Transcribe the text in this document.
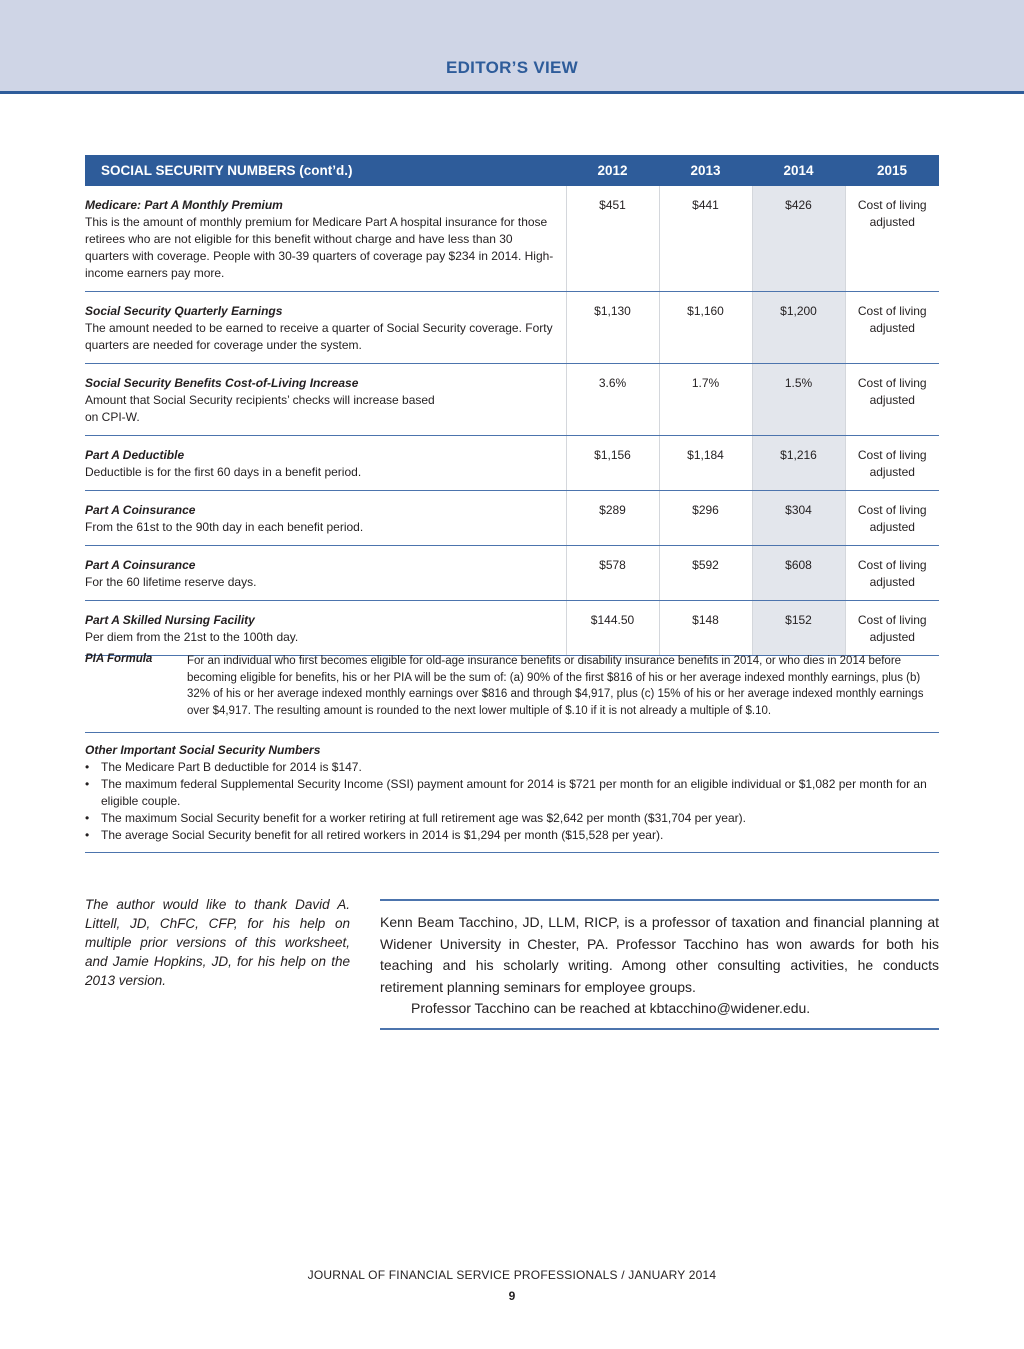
EDITOR’S VIEW
SOCIAL SECURITY NUMBERS (cont’d.)	2012	2013	2014	2015

Medicare: Part A Monthly Premium
This is the amount of monthly premium for Medicare Part A hospital insurance for those retirees who are not eligible for this benefit without charge and have less than 30 quarters with coverage. People with 30-39 quarters of coverage pay $234 in 2014. High-income earners pay more.	$451	$441	$426	Cost of living adjusted

Social Security Quarterly Earnings
The amount needed to be earned to receive a quarter of Social Security coverage. Forty quarters are needed for coverage under the system.	$1,130	$1,160	$1,200	Cost of living adjusted

Social Security Benefits Cost-of-Living Increase
Amount that Social Security recipients’ checks will increase based on CPI-W.	3.6%	1.7%	1.5%	Cost of living adjusted

Part A Deductible
Deductible is for the first 60 days in a benefit period.	$1,156	$1,184	$1,216	Cost of living adjusted

Part A Coinsurance
From the 61st to the 90th day in each benefit period.	$289	$296	$304	Cost of living adjusted

Part A Coinsurance
For the 60 lifetime reserve days.	$578	$592	$608	Cost of living adjusted

Part A Skilled Nursing Facility
Per diem from the 21st to the 100th day.	$144.50	$148	$152	Cost of living adjusted
PIA Formula	For an individual who first becomes eligible for old-age insurance benefits or disability insurance benefits in 2014, or who dies in 2014 before becoming eligible for benefits, his or her PIA will be the sum of: (a) 90% of the first $816 of his or her average indexed monthly earnings, plus (b) 32% of his or her average indexed monthly earnings over $816 and through $4,917, plus (c) 15% of his or her average indexed monthly earnings over $4,917. The resulting amount is rounded to the next lower multiple of $.10 if it is not already a multiple of $.10.
Other Important Social Security Numbers
• The Medicare Part B deductible for 2014 is $147.
• The maximum federal Supplemental Security Income (SSI) payment amount for 2014 is $721 per month for an eligible individual or $1,082 per month for an eligible couple.
• The maximum Social Security benefit for a worker retiring at full retirement age was $2,642 per month ($31,704 per year).
• The average Social Security benefit for all retired workers in 2014 is $1,294 per month ($15,528 per year).
The author would like to thank David A. Littell, JD, ChFC, CFP, for his help on multiple prior versions of this worksheet, and Jamie Hopkins, JD, for his help on the 2013 version.

Kenn Beam Tacchino, JD, LLM, RICP, is a professor of taxation and financial planning at Widener University in Chester, PA. Professor Tacchino has won awards for both his teaching and his scholarly writing. Among other consulting activities, he conducts retirement planning seminars for employee groups.

Professor Tacchino can be reached at kbtacchino@widener.edu.

JOURNAL OF FINANCIAL SERVICE PROFESSIONALS / JANUARY 2014
9
